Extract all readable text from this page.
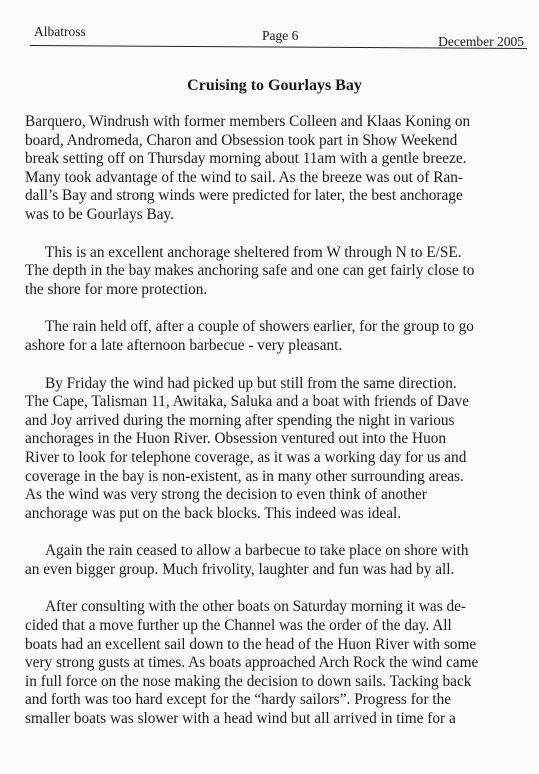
Albatross	Page 6	December 2005
Cruising to Gourlays Bay

Barquero, Windrush with former members Colleen and Klaas Koning on
board, Andromeda, Charon and Obsession took part in Show Weekend
break setting off on Thursday morning about 11am with a gentle breeze.
Many took advantage of the wind to sail. As the breeze was out of Ran-
dall’s Bay and strong winds were predicted for later, the best anchorage
was to be Gourlays Bay.

This is an excellent anchorage sheltered from W through N to E/SE.
The depth in the bay makes anchoring safe and one can get fairly close to
the shore for more protection.

The rain held off, after a couple of showers earlier, for the group to go
ashore for a late afternoon barbecue - very pleasant.

By Friday the wind had picked up but still from the same direction.
The Cape, Talisman 11, Awitaka, Saluka and a boat with friends of Dave
and Joy arrived during the morning after spending the night in various
anchorages in the Huon River. Obsession ventured out into the Huon
River to look for telephone coverage, as it was a working day for us and
coverage in the bay is non-existent, as in many other surrounding areas.
As the wind was very strong the decision to even think of another
anchorage was put on the back blocks. This indeed was ideal.

Again the rain ceased to allow a barbecue to take place on shore with
an even bigger group. Much frivolity, laughter and fun was had by all.

After consulting with the other boats on Saturday morning it was de-
cided that a move further up the Channel was the order of the day. All
boats had an excellent sail down to the head of the Huon River with some
very strong gusts at times. As boats approached Arch Rock the wind came
in full force on the nose making the decision to down sails. Tacking back
and forth was too hard except for the “hardy sailors”. Progress for the
smaller boats was slower with a head wind but all arrived in time for a
